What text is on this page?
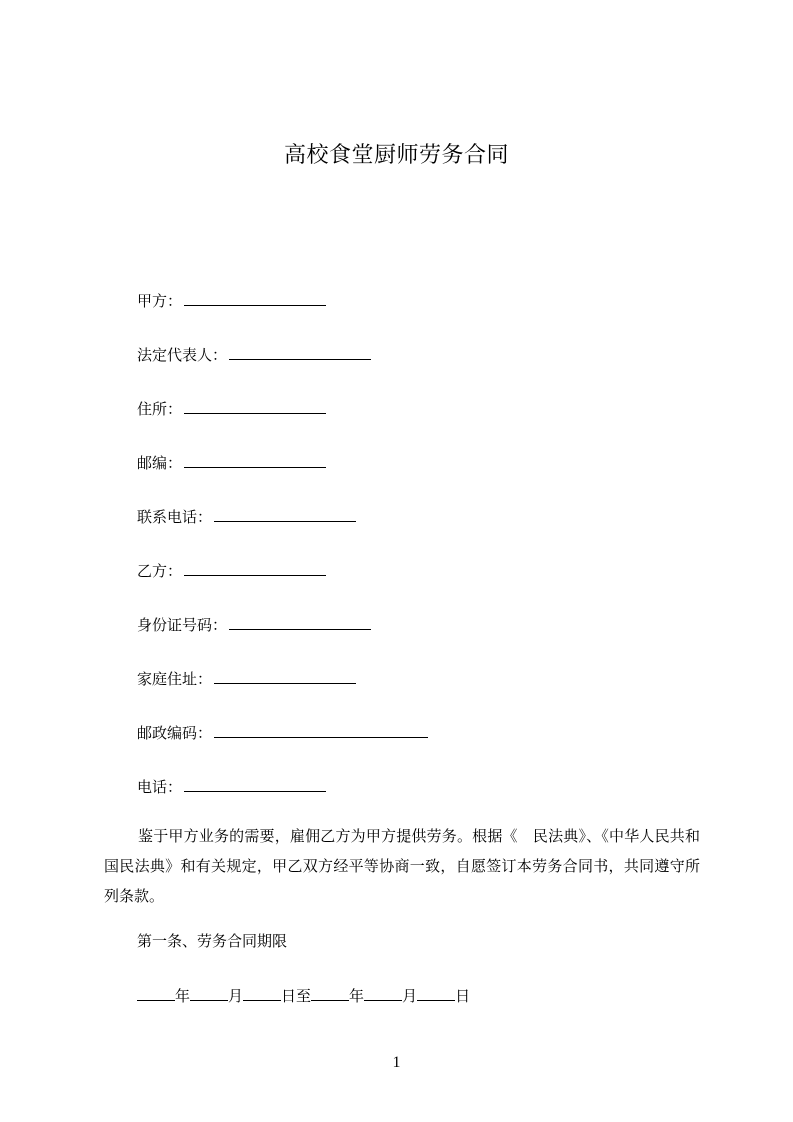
高校食堂厨师劳务合同
甲方：
法定代表人：
住所：
邮编：
联系电话：
乙方：
身份证号码：
家庭住址：
邮政编码：
电话：
鉴于甲方业务的需要，雇佣乙方为甲方提供劳务。根据《　民法典》、《中华人民共和国民法典》和有关规定，甲乙双方经平等协商一致，自愿签订本劳务合同书，共同遵守所列条款。
第一条、劳务合同期限
年	月	日至	年	月	日
1
